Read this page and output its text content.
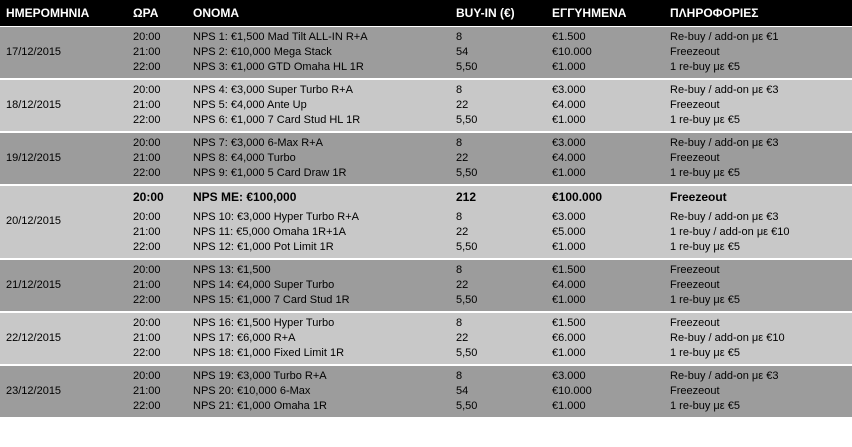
ΗΜΕΡΟΜΗΝΙΑ	ΩΡΑ	ΟΝΟΜΑ	BUY-IN (€)	ΕΓΓΥΗΜΕΝΑ	ΠΛΗΡΟΦΟΡΙΕΣ
17/12/2015
20:00	NPS 1: €1,500 Mad Tilt ALL-IN R+A	8	€1.500	Re-buy / add-on με €1
21:00	NPS 2: €10,000 Mega Stack	54	€10.000	Freezeout
22:00	NPS 3: €1,000 GTD Omaha HL 1R	5,50	€1.000	1 re-buy με €5
18/12/2015
20:00	NPS 4: €3,000 Super Turbo R+A	8	€3.000	Re-buy / add-on με €3
21:00	NPS 5: €4,000 Ante Up	22	€4.000	Freezeout
22:00	NPS 6: €1,000 7 Card Stud HL 1R	5,50	€1.000	1 re-buy με €5
19/12/2015
20:00	NPS 7: €3,000 6-Max R+A	8	€3.000	Re-buy / add-on με €3
21:00	NPS 8: €4,000 Turbo	22	€4.000	Freezeout
22:00	NPS 9: €1,000 5 Card Draw 1R	5,50	€1.000	1 re-buy με €5
20/12/2015
20:00 NPS ME: €100,000	212	€100.000	Freezeout
20:00	NPS 10: €3,000 Hyper Turbo R+A	8	€3.000	Re-buy / add-on με €3
21:00	NPS 11: €5,000 Omaha 1R+1A	22	€5.000	1 re-buy / add-on με €10
22:00	NPS 12: €1,000 Pot Limit 1R	5,50	€1.000	1 re-buy με €5
21/12/2015
20:00	NPS 13: €1,500	8	€1.500	Freezeout
21:00	NPS 14: €4,000 Super Turbo	22	€4.000	Freezeout
22:00	NPS 15: €1,000 7 Card Stud 1R	5,50	€1.000	1 re-buy με €5
22/12/2015
20:00	NPS 16: €1,500 Hyper Turbo	8	€1.500	Freezeout
21:00	NPS 17: €6,000 R+A	22	€6.000	Re-buy / add-on με €10
22:00	NPS 18: €1,000 Fixed Limit 1R	5,50	€1.000	1 re-buy με €5
23/12/2015
20:00	NPS 19: €3,000 Turbo R+A	8	€3.000	Re-buy / add-on με €3
21:00	NPS 20: €10,000 6-Max	54	€10.000	Freezeout
22:00	NPS 21: €1,000 Omaha 1R	5,50	€1.000	1 re-buy με €5
